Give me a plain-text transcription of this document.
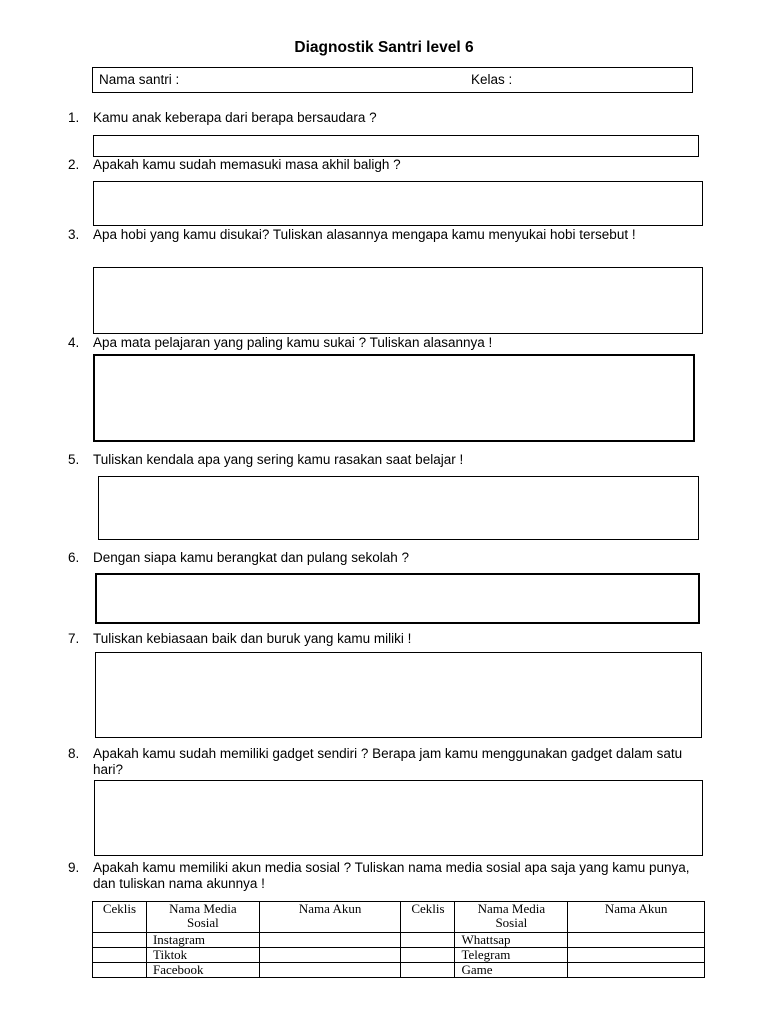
Diagnostik Santri level 6
Nama santri :	Kelas :
1.	Kamu anak keberapa dari berapa bersaudara ?
2.	Apakah kamu sudah memasuki masa akhil baligh ?
3.	Apa hobi yang kamu disukai? Tuliskan alasannya mengapa kamu menyukai hobi tersebut !
4.	Apa mata pelajaran yang paling kamu sukai ? Tuliskan alasannya !
5.	Tuliskan kendala apa yang sering kamu rasakan saat belajar !
6.	Dengan siapa kamu berangkat dan pulang sekolah ?
7.	Tuliskan kebiasaan baik dan buruk yang kamu miliki !
8.	Apakah kamu sudah memiliki gadget sendiri ? Berapa jam kamu menggunakan gadget dalam satu hari?
9.	Apakah kamu memiliki akun media sosial ? Tuliskan nama media sosial apa saja yang kamu punya, dan tuliskan nama akunnya !
Ceklis	Nama Media Sosial	Nama Akun	Ceklis	Nama Media Sosial	Nama Akun
	Instagram			Whattsap	
	Tiktok			Telegram	
	Facebook			Game	
